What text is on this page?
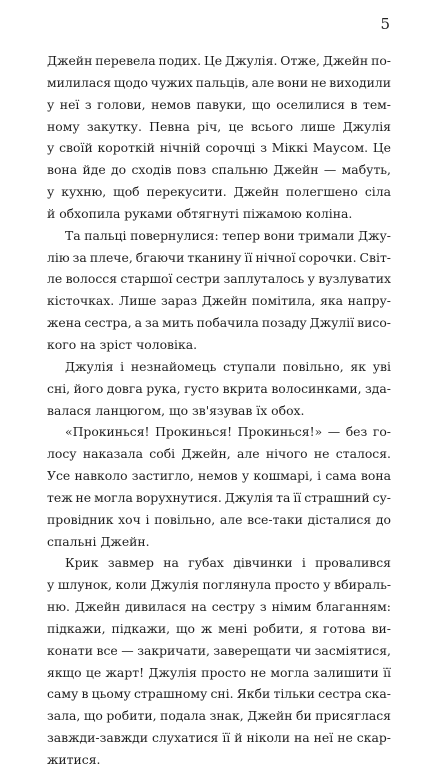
5
Джейн перевела подих. Це Джулія. Отже, Джейн по-
милилася щодо чужих пальців, але вони не виходили
у неї з голови, немов павуки, що оселилися в тем-
ному закутку. Певна річ, це всього лише Джулія
у своїй короткій нічній сорочці з Міккі Маусом. Це
вона йде до сходів повз спальню Джейн — мабуть,
у кухню, щоб перекусити. Джейн полегшено сіла
й обхопила руками обтягнуті піжамою коліна.
Та пальці повернулися: тепер вони тримали Джу-
лію за плече, бгаючи тканину її нічної сорочки. Світ-
ле волосся старшої сестри заплуталось у вузлуватих
кісточках. Лише зараз Джейн помітила, яка напру-
жена сестра, а за мить побачила позаду Джулії висо-
кого на зріст чоловіка.
Джулія і незнайомець ступали повільно, як уві
сні, його довга рука, густо вкрита волосинками, зда-
валася ланцюгом, що зв'язував їх обох.
«Прокинься! Прокинься! Прокинься!» — без го-
лосу наказала собі Джейн, але нічого не сталося.
Усе навколо застигло, немов у кошмарі, і сама вона
теж не могла ворухнутися. Джулія та її страшний су-
провідник хоч і повільно, але все-таки дісталися до
спальні Джейн.
Крик завмер на губах дівчинки і провалився
у шлунок, коли Джулія поглянула просто у вбираль-
ню. Джейн дивилася на сестру з німим благанням:
підкажи, підкажи, що ж мені робити, я готова ви-
конати все — закричати, заверещати чи засміятися,
якщо це жарт! Джулія просто не могла залишити її
саму в цьому страшному сні. Якби тільки сестра ска-
зала, що робити, подала знак, Джейн би присяглася
завжди-завжди слухатися її й ніколи на неї не скар-
житися.
